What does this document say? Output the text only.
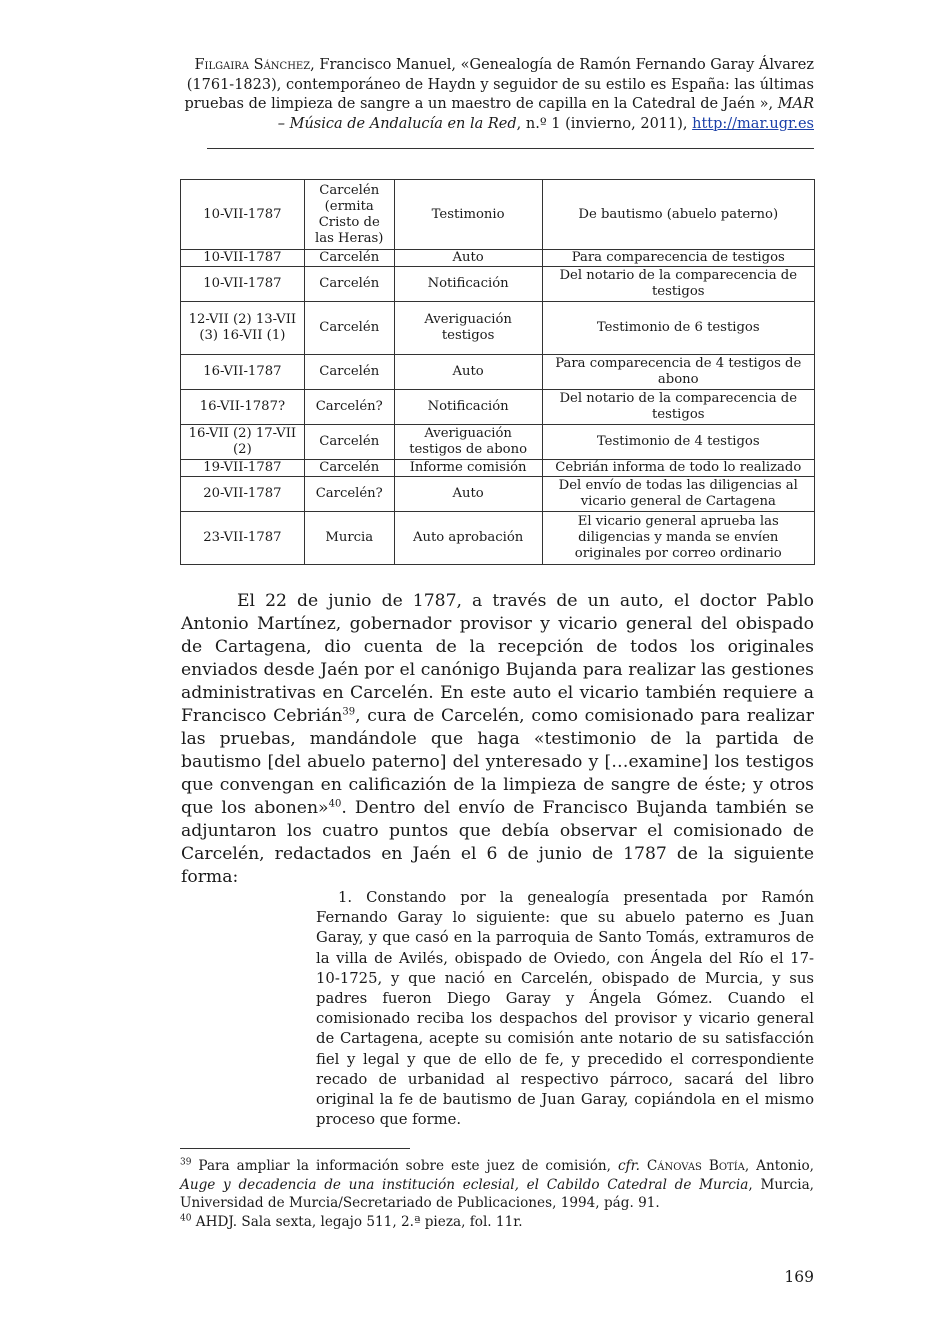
Filgaira Sánchez, Francisco Manuel, «Genealogía de Ramón Fernando Garay Álvarez (1761-1823), contemporáneo de Haydn y seguidor de su estilo es España: las últimas pruebas de limpieza de sangre a un maestro de capilla en la Catedral de Jaén », MAR – Música de Andalucía en la Red, n.º 1 (invierno, 2011), http://mar.ugr.es
10-VII-1787	Carcelén (ermita Cristo de las Heras)	Testimonio	De bautismo (abuelo paterno)
10-VII-1787	Carcelén	Auto	Para comparecencia de testigos
10-VII-1787	Carcelén	Notificación	Del notario de la comparecencia de testigos
12-VII (2) 13-VII (3) 16-VII (1)	Carcelén	Averiguación testigos	Testimonio de 6 testigos
16-VII-1787	Carcelén	Auto	Para comparecencia de 4 testigos de abono
16-VII-1787?	Carcelén?	Notificación	Del notario de la comparecencia de testigos
16-VII (2) 17-VII (2)	Carcelén	Averiguación testigos de abono	Testimonio de 4 testigos
19-VII-1787	Carcelén	Informe comisión	Cebrián informa de todo lo realizado
20-VII-1787	Carcelén?	Auto	Del envío de todas las diligencias al vicario general de Cartagena
23-VII-1787	Murcia	Auto aprobación	El vicario general aprueba las diligencias y manda se envíen originales por correo ordinario

El 22 de junio de 1787, a través de un auto, el doctor Pablo Antonio Martínez, gobernador provisor y vicario general del obispado de Cartagena, dio cuenta de la recepción de todos los originales enviados desde Jaén por el canónigo Bujanda para realizar las gestiones administrativas en Carcelén. En este auto el vicario también requiere a Francisco Cebrián$^{39}$, cura de Carcelén, como comisionado para realizar las pruebas, mandándole que haga «testimonio de la partida de bautismo [del abuelo paterno] del ynteresado y […examine] los testigos que convengan en calificazión de la limpieza de sangre de éste; y otros que los abonen»$^{40}$. Dentro del envío de Francisco Bujanda también se adjuntaron los cuatro puntos que debía observar el comisionado de Carcelén, redactados en Jaén el 6 de junio de 1787 de la siguiente forma:

1. Constando por la genealogía presentada por Ramón Fernando Garay lo siguiente: que su abuelo paterno es Juan Garay, y que casó en la parroquia de Santo Tomás, extramuros de la villa de Avilés, obispado de Oviedo, con Ángela del Río el 17-10-1725, y que nació en Carcelén, obispado de Murcia, y sus padres fueron Diego Garay y Ángela Gómez. Cuando el comisionado reciba los despachos del provisor y vicario general de Cartagena, acepte su comisión ante notario de su satisfacción fiel y legal y que de ello de fe, y precedido el correspondiente recado de urbanidad al respectivo párroco, sacará del libro original la fe de bautismo de Juan Garay, copiándola en el mismo proceso que forme.

$^{39}$ Para ampliar la información sobre este juez de comisión, cfr. Cánovas Botía, Antonio, Auge y decadencia de una institución eclesial, el Cabildo Catedral de Murcia, Murcia, Universidad de Murcia/Secretariado de Publicaciones, 1994, pág. 91.

$^{40}$ AHDJ. Sala sexta, legajo 511, 2.ª pieza, fol. 11r.

169
